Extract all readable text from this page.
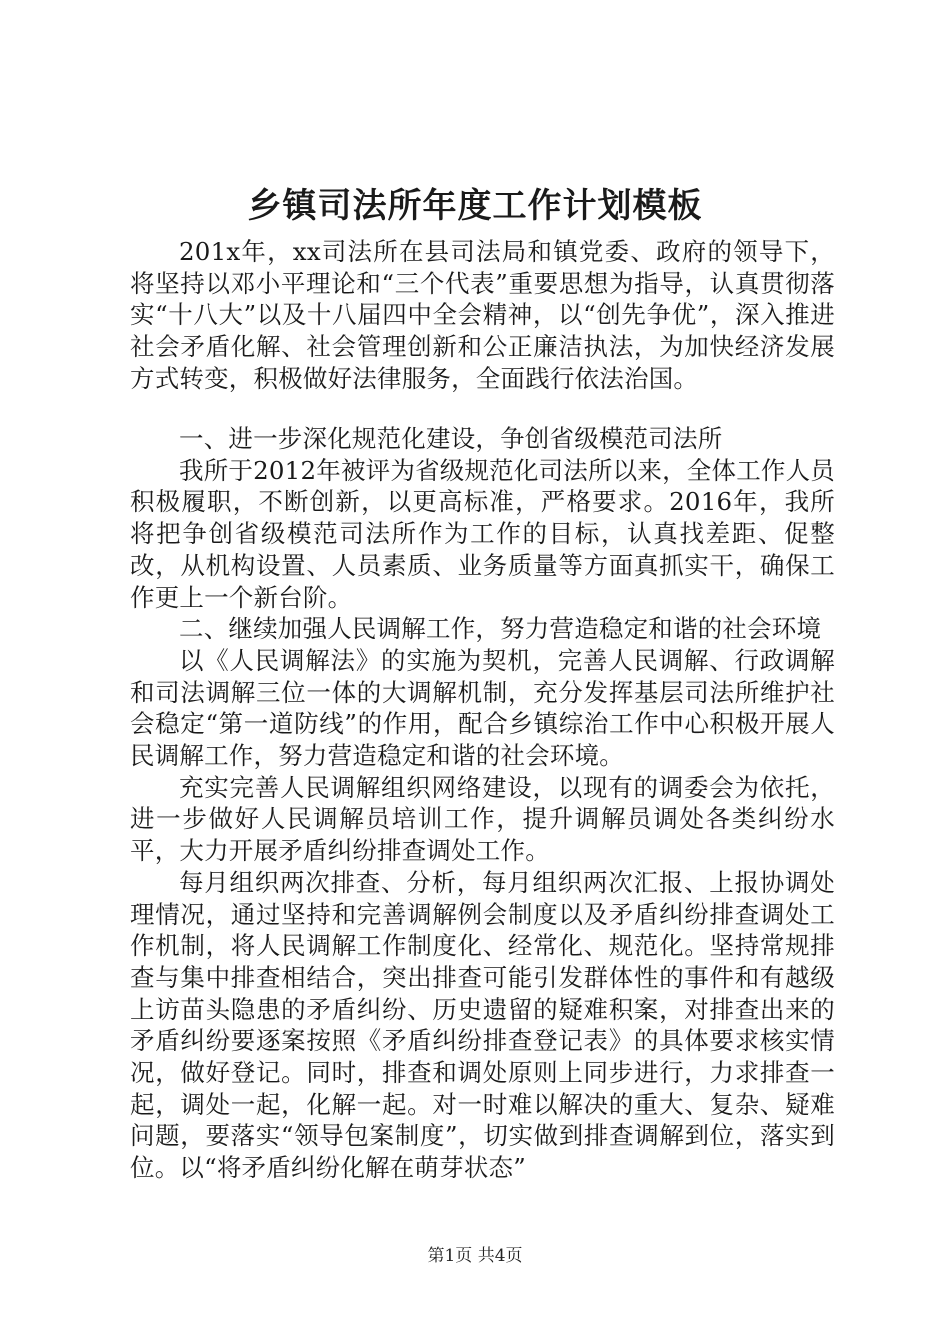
乡镇司法所年度工作计划模板

201x年，xx司法所在县司法局和镇党委、政府的领导下，将坚持以邓小平理论和“三个代表”重要思想为指导，认真贯彻落实“十八大”以及十八届四中全会精神，以“创先争优”，深入推进社会矛盾化解、社会管理创新和公正廉洁执法，为加快经济发展方式转变，积极做好法律服务，全面践行依法治国。

一、进一步深化规范化建设，争创省级模范司法所

我所于2012年被评为省级规范化司法所以来，全体工作人员积极履职，不断创新，以更高标准，严格要求。2016年，我所将把争创省级模范司法所作为工作的目标，认真找差距、促整改，从机构设置、人员素质、业务质量等方面真抓实干，确保工作更上一个新台阶。

二、继续加强人民调解工作，努力营造稳定和谐的社会环境

以《人民调解法》的实施为契机，完善人民调解、行政调解和司法调解三位一体的大调解机制，充分发挥基层司法所维护社会稳定“第一道防线”的作用，配合乡镇综治工作中心积极开展人民调解工作，努力营造稳定和谐的社会环境。

充实完善人民调解组织网络建设，以现有的调委会为依托，进一步做好人民调解员培训工作，提升调解员调处各类纠纷水平，大力开展矛盾纠纷排查调处工作。

每月组织两次排查、分析，每月组织两次汇报、上报协调处理情况，通过坚持和完善调解例会制度以及矛盾纠纷排查调处工作机制，将人民调解工作制度化、经常化、规范化。坚持常规排查与集中排查相结合，突出排查可能引发群体性的事件和有越级上访苗头隐患的矛盾纠纷、历史遗留的疑难积案，对排查出来的矛盾纠纷要逐案按照《矛盾纠纷排查登记表》的具体要求核实情况，做好登记。同时，排查和调处原则上同步进行，力求排查一起，调处一起，化解一起。对一时难以解决的重大、复杂、疑难问题，要落实“领导包案制度”，切实做到排查调解到位，落实到位。以“将矛盾纠纷化解在萌芽状态”

第1页 共4页
